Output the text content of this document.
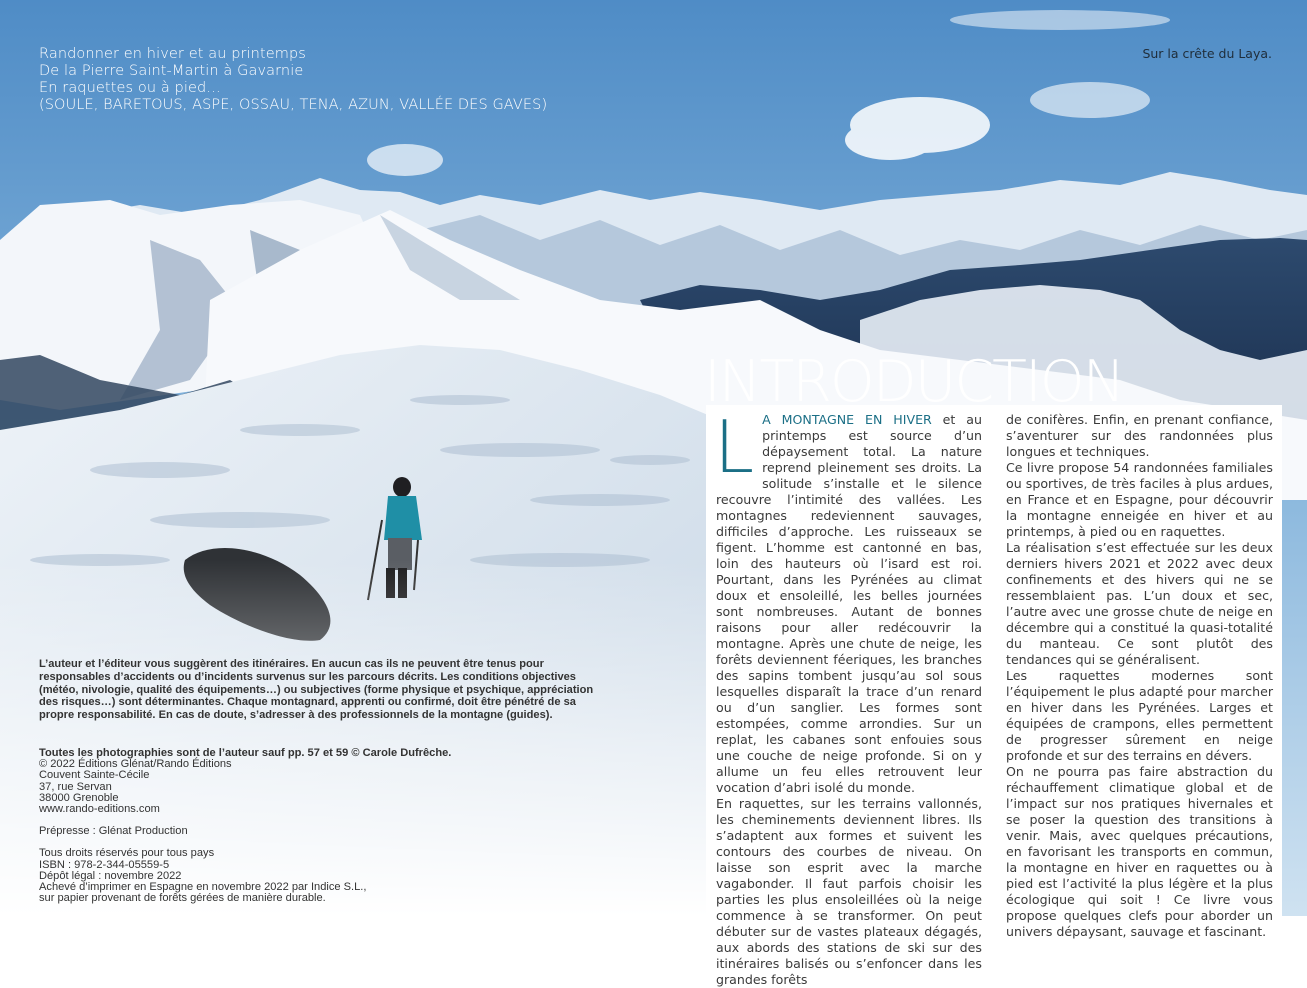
Randonner en hiver et au printemps
De la Pierre Saint-Martin à Gavarnie
En raquettes ou à pied…
(SOULE, BARETOUS, ASPE, OSSAU, TENA, AZUN, VALLÉE DES GAVES)
Sur la crête du Laya.
INTRODUCTION

L A MONTAGNE EN HIVER et au printemps est source d’un dépaysement total. La nature reprend pleinement ses droits. La solitude s’installe et le silence recouvre l’intimité des vallées. Les montagnes redeviennent sauvages, difficiles d’approche. Les ruisseaux se figent. L’homme est cantonné en bas, loin des hauteurs où l’isard est roi. Pourtant, dans les Pyrénées au climat doux et ensoleillé, les belles journées sont nombreuses. Autant de bonnes raisons pour aller redécouvrir la montagne. Après une chute de neige, les forêts deviennent féeriques, les branches des sapins tombent jusqu’au sol sous lesquelles disparaît la trace d’un renard ou d’un sanglier. Les formes sont estompées, comme arrondies. Sur un replat, les cabanes sont enfouies sous une couche de neige profonde. Si on y allume un feu elles retrouvent leur vocation d’abri isolé du monde.

En raquettes, sur les terrains vallonnés, les cheminements deviennent libres. Ils s’adaptent aux formes et suivent les contours des courbes de niveau. On laisse son esprit avec la marche vagabonder. Il faut parfois choisir les parties les plus ensoleillées où la neige commence à se transformer. On peut débuter sur de vastes plateaux dégagés, aux abords des stations de ski sur des itinéraires balisés ou s’enfoncer dans les grandes forêts

de conifères. Enfin, en prenant confiance, s’aventurer sur des randonnées plus longues et techniques.

Ce livre propose 54 randonnées familiales ou sportives, de très faciles à plus ardues, en France et en Espagne, pour découvrir la montagne enneigée en hiver et au printemps, à pied ou en raquettes.

La réalisation s’est effectuée sur les deux derniers hivers 2021 et 2022 avec deux confinements et des hivers qui ne se ressemblaient pas. L’un doux et sec, l’autre avec une grosse chute de neige en décembre qui a constitué la quasi-totalité du manteau. Ce sont plutôt des tendances qui se généralisent.

Les raquettes modernes sont l’équipement le plus adapté pour marcher en hiver dans les Pyrénées. Larges et équipées de crampons, elles permettent de progresser sûrement en neige profonde et sur des terrains en dévers.

On ne pourra pas faire abstraction du réchauffement climatique global et de l’impact sur nos pratiques hivernales et se poser la question des transitions à venir. Mais, avec quelques précautions, en favorisant les transports en commun, la montagne en hiver en raquettes ou à pied est l’activité la plus légère et la plus écologique qui soit ! Ce livre vous propose quelques clefs pour aborder un univers dépaysant, sauvage et fascinant.

L’auteur et l’éditeur vous suggèrent des itinéraires. En aucun cas ils ne peuvent être tenus pour responsables d’accidents ou d’incidents survenus sur les parcours décrits. Les conditions objectives (météo, nivologie, qualité des équipements…) ou subjectives (forme physique et psychique, appréciation des risques…) sont déterminantes. Chaque montagnard, apprenti ou confirmé, doit être pénétré de sa propre responsabilité. En cas de doute, s’adresser à des professionnels de la montagne (guides).
Toutes les photographies sont de l’auteur sauf pp. 57 et 59 © Carole Dufrêche.
© 2022 Éditions Glénat/Rando Éditions
Couvent Sainte-Cécile
37, rue Servan
38000 Grenoble
www.rando-editions.com
Prépresse : Glénat Production
Tous droits réservés pour tous pays
ISBN : 978-2-344-05559-5
Dépôt légal : novembre 2022
Achevé d’imprimer en Espagne en novembre 2022 par Indice S.L.,
sur papier provenant de forêts gérées de manière durable.
